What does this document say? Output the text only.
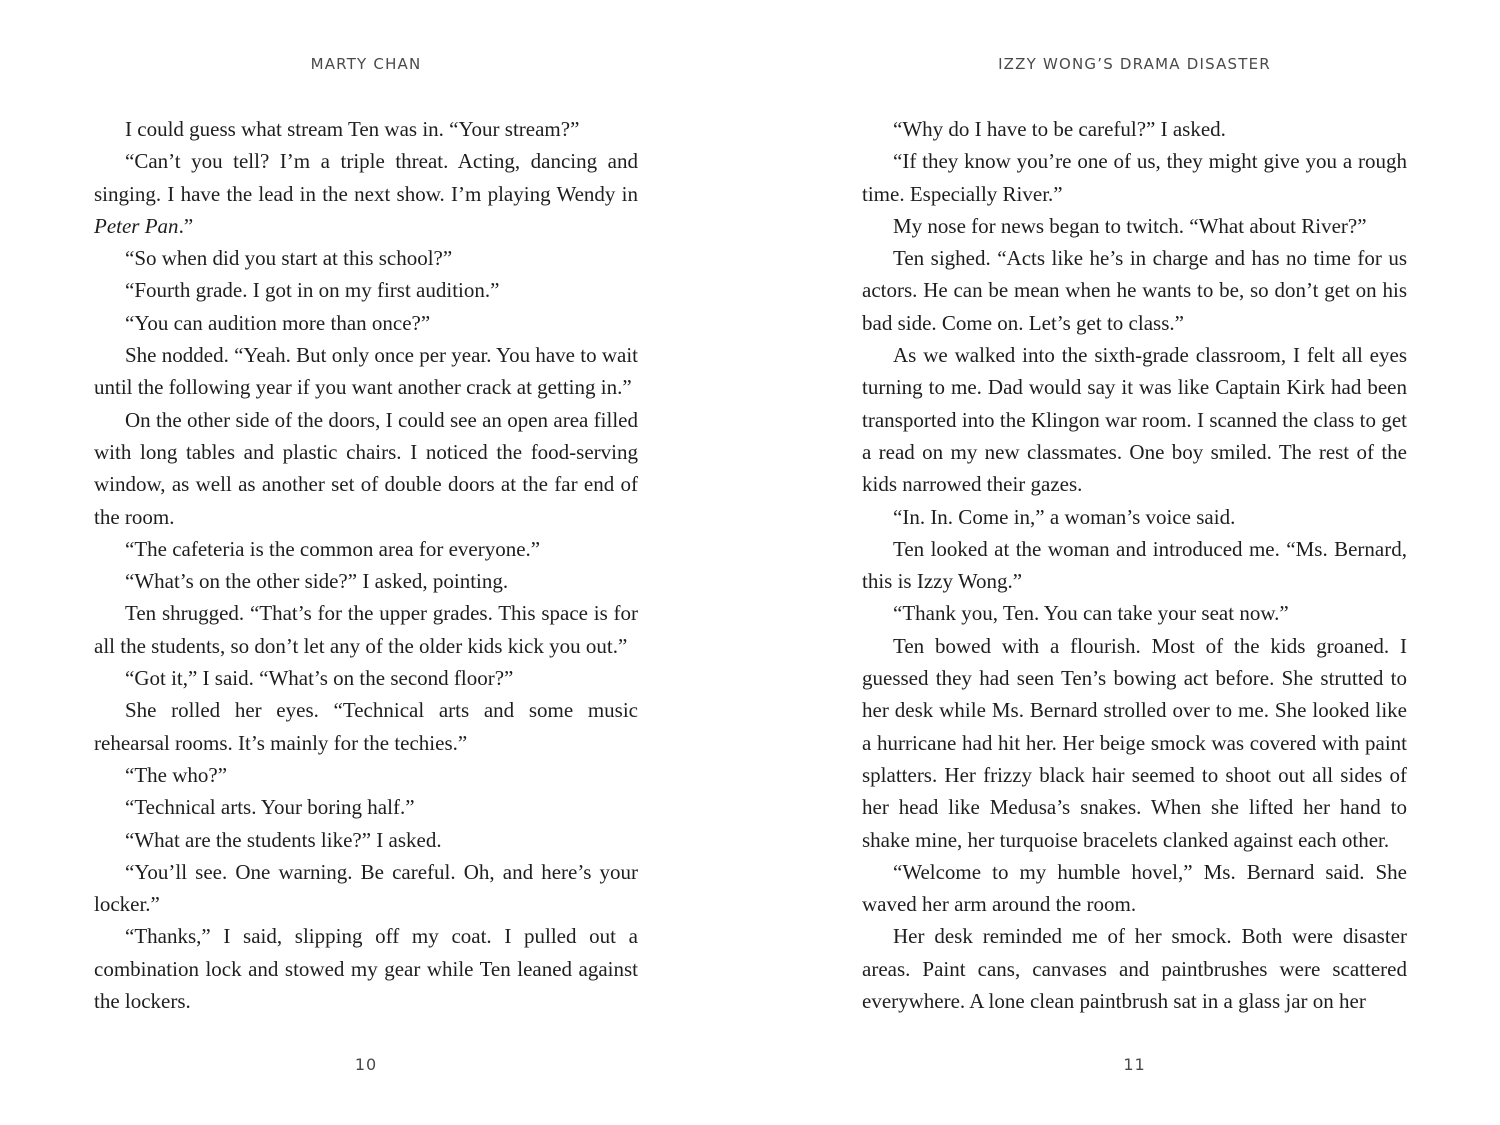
MARTY CHAN

I could guess what stream Ten was in. “Your stream?”

“Can’t you tell? I’m a triple threat. Acting, dancing and singing. I have the lead in the next show. I’m playing Wendy in Peter Pan.”

“So when did you start at this school?”

“Fourth grade. I got in on my first audition.”

“You can audition more than once?”

She nodded. “Yeah. But only once per year. You have to wait until the following year if you want another crack at getting in.”

On the other side of the doors, I could see an open area filled with long tables and plastic chairs. I noticed the food-serving window, as well as another set of double doors at the far end of the room.

“The cafeteria is the common area for everyone.”

“What’s on the other side?” I asked, pointing.

Ten shrugged. “That’s for the upper grades. This space is for all the students, so don’t let any of the older kids kick you out.”

“Got it,” I said. “What’s on the second floor?”

She rolled her eyes. “Technical arts and some music rehearsal rooms. It’s mainly for the techies.”

“The who?”

“Technical arts. Your boring half.”

“What are the students like?” I asked.

“You’ll see. One warning. Be careful. Oh, and here’s your locker.”

“Thanks,” I said, slipping off my coat. I pulled out a combination lock and stowed my gear while Ten leaned against the lockers.

10
IZZY WONG’S DRAMA DISASTER

“Why do I have to be careful?” I asked.

“If they know you’re one of us, they might give you a rough time. Especially River.”

My nose for news began to twitch. “What about River?”

Ten sighed. “Acts like he’s in charge and has no time for us actors. He can be mean when he wants to be, so don’t get on his bad side. Come on. Let’s get to class.”

As we walked into the sixth-grade classroom, I felt all eyes turning to me. Dad would say it was like Captain Kirk had been transported into the Klingon war room. I scanned the class to get a read on my new classmates. One boy smiled. The rest of the kids narrowed their gazes.

“In. In. Come in,” a woman’s voice said.

Ten looked at the woman and introduced me. “Ms. Bernard, this is Izzy Wong.”

“Thank you, Ten. You can take your seat now.”

Ten bowed with a flourish. Most of the kids groaned. I guessed they had seen Ten’s bowing act before. She strutted to her desk while Ms. Bernard strolled over to me. She looked like a hurricane had hit her. Her beige smock was covered with paint splatters. Her frizzy black hair seemed to shoot out all sides of her head like Medusa’s snakes. When she lifted her hand to shake mine, her turquoise bracelets clanked against each other.

“Welcome to my humble hovel,” Ms. Bernard said. She waved her arm around the room.

Her desk reminded me of her smock. Both were disaster areas. Paint cans, canvases and paintbrushes were scattered everywhere. A lone clean paintbrush sat in a glass jar on her

11
